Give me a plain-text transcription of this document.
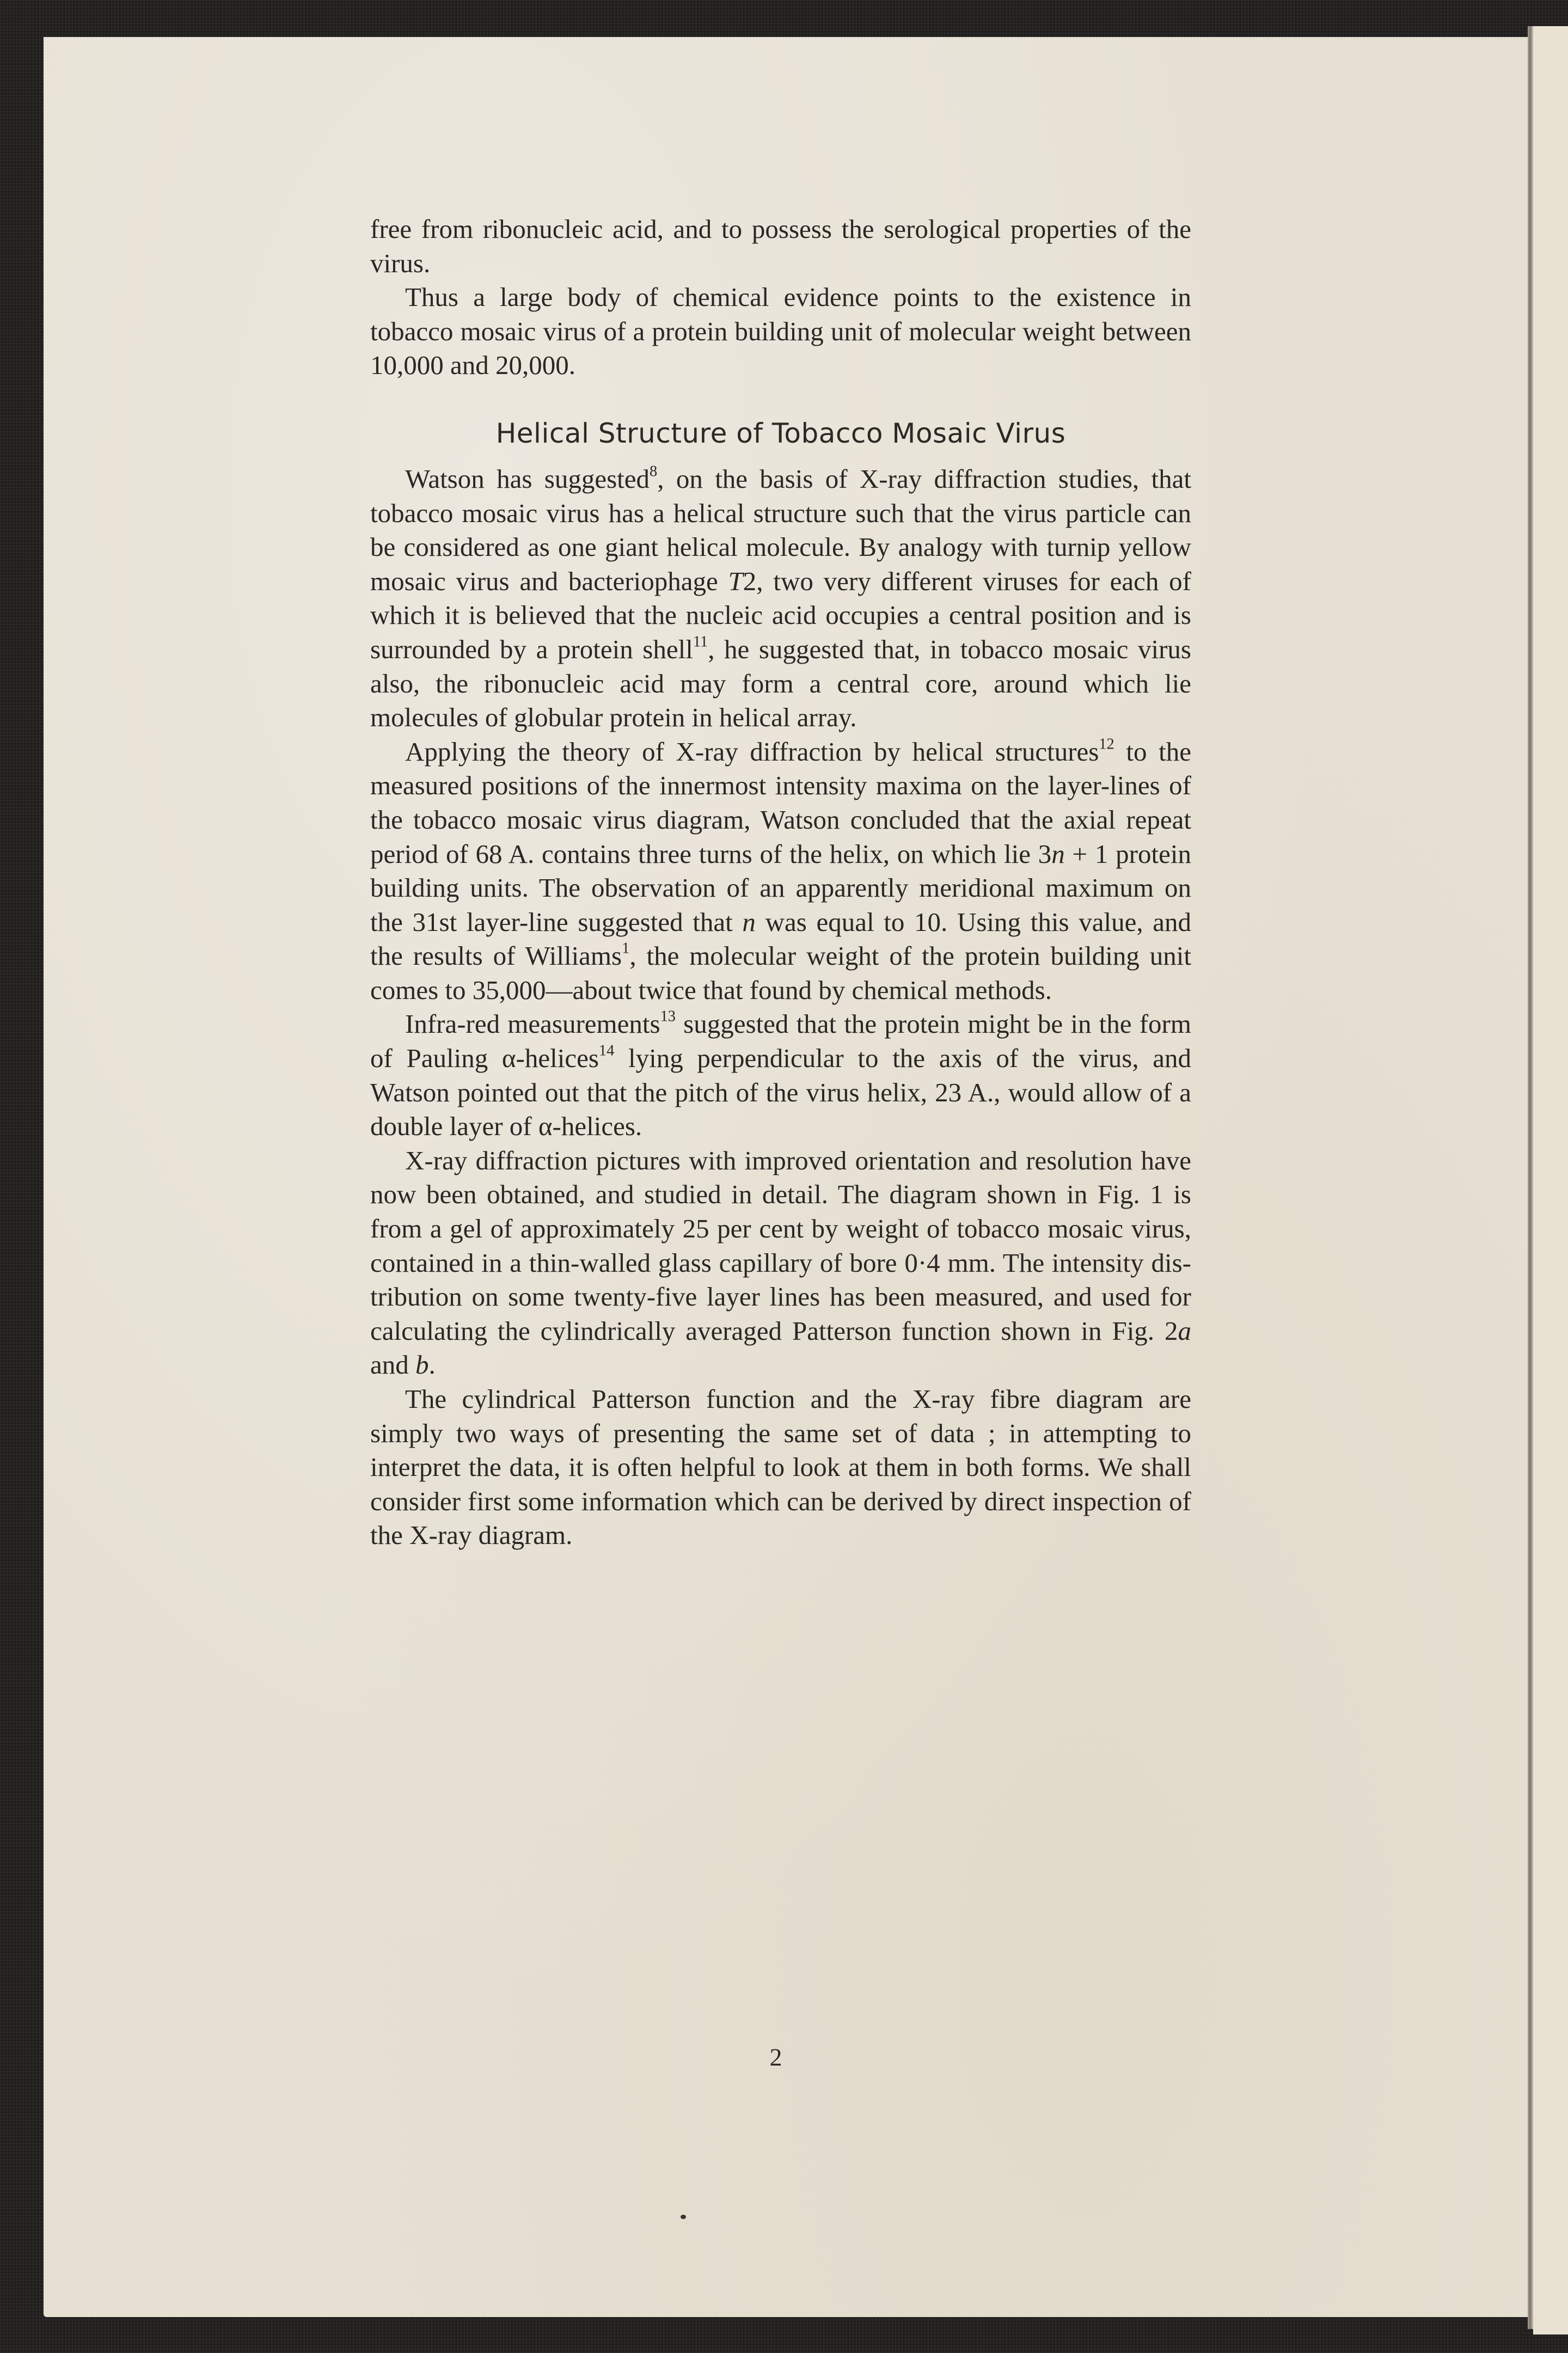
free from ribonucleic acid, and to possess the serological properties of the virus.

Thus a large body of chemical evidence points to the existence in tobacco mosaic virus of a protein building unit of molecular weight between 10,000 and 20,000.

Helical Structure of Tobacco Mosaic Virus

Watson has suggested$^8$, on the basis of X-ray diffraction studies, that tobacco mosaic virus has a helical structure such that the virus particle can be considered as one giant helical molecule. By analogy with turnip yellow mosaic virus and bacteriophage T2, two very different viruses for each of which it is believed that the nucleic acid occupies a central position and is surrounded by a protein shell$^{11}$, he suggested that, in tobacco mosaic virus also, the ribonucleic acid may form a central core, around which lie molecules of globular protein in helical array.

Applying the theory of X-ray diffraction by helical structures$^{12}$ to the measured positions of the innermost intensity maxima on the layer-lines of the tobacco mosaic virus diagram, Watson concluded that the axial repeat period of 68 A. contains three turns of the helix, on which lie 3n + 1 protein building units. The observation of an apparently meridional maximum on the 31st layer-line suggested that n was equal to 10. Using this value, and the results of Williams$^1$, the molecular weight of the protein building unit comes to 35,000—about twice that found by chemical methods.

Infra-red measurements$^{13}$ suggested that the protein might be in the form of Pauling α-helices$^{14}$ lying perpendicular to the axis of the virus, and Watson pointed out that the pitch of the virus helix, 23 A., would allow of a double layer of α-helices.

X-ray diffraction pictures with improved orientation and resolution have now been obtained, and studied in detail. The diagram shown in Fig. 1 is from a gel of approximately 25 per cent by weight of tobacco mosaic virus, contained in a thin-walled glass capillary of bore 0·4 mm. The intensity distribution on some twenty-five layer lines has been measured, and used for calculating the cylindrically averaged Patterson function shown in Fig. 2a and b.

The cylindrical Patterson function and the X-ray fibre diagram are simply two ways of presenting the same set of data ; in attempting to interpret the data, it is often helpful to look at them in both forms. We shall consider first some information which can be derived by direct inspection of the X-ray diagram.

2
